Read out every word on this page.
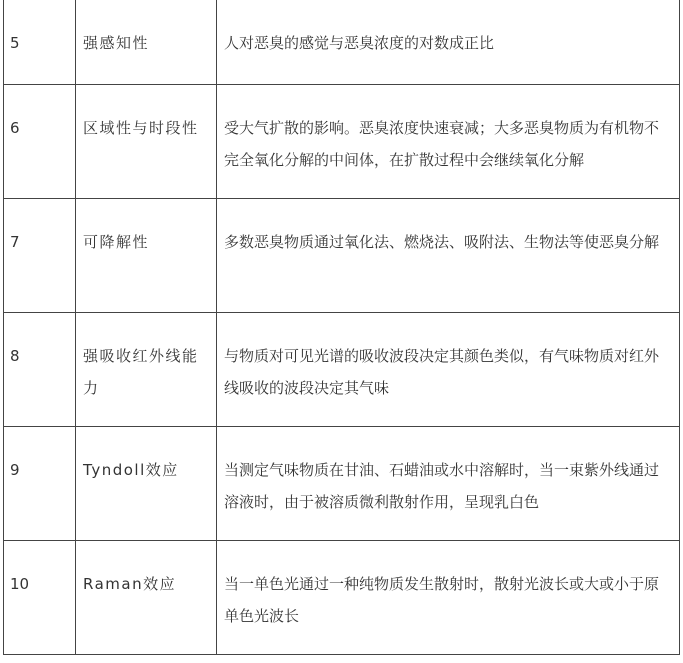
5	强感知性	人对恶臭的感觉与恶臭浓度的对数成正比

6	区域性与时段性	受大气扩散的影响。恶臭浓度快速衰减；大多恶臭物质为有机物不完全氧化分解的中间体，在扩散过程中会继续氧化分解

7	可降解性	多数恶臭物质通过氧化法、燃烧法、吸附法、生物法等使恶臭分解

8	强吸收红外线能力	与物质对可见光谱的吸收波段决定其颜色类似，有气味物质对红外线吸收的波段决定其气味

9	Tyndoll效应	当测定气味物质在甘油、石蜡油或水中溶解时，当一束紫外线通过溶液时，由于被溶质微利散射作用，呈现乳白色

10	Raman效应	当一单色光通过一种纯物质发生散射时，散射光波长或大或小于原单色光波长
